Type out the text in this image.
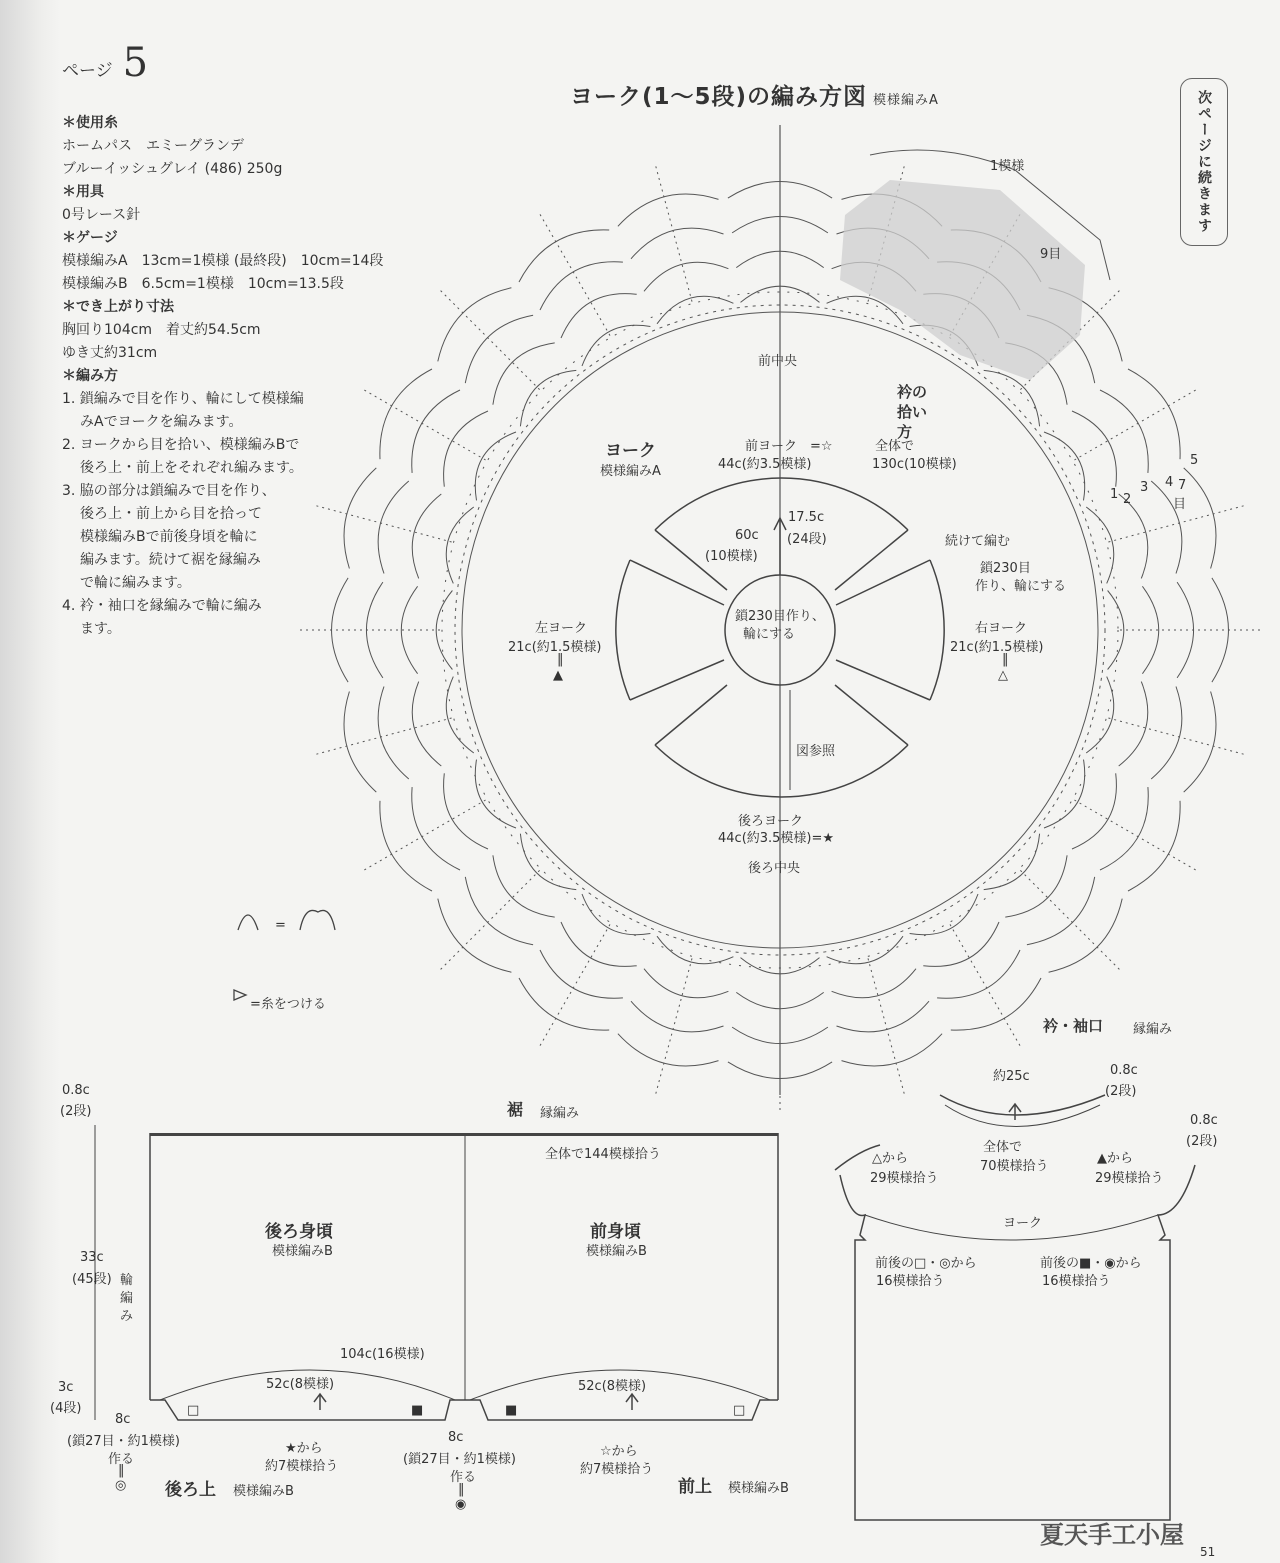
ページ 5
＊使用糸
ホームパス　エミーグランデ
ブルーイッシュグレイ (486) 250g
＊用具
0号レース針
＊ゲージ
模様編みA　13cm=1模様 (最終段)　10cm=14段
模様編みB　6.5cm=1模様　10cm=13.5段
＊でき上がり寸法
胸回り104cm　着丈約54.5cm
ゆき丈約31cm
＊編み方
1. 鎖編みで目を作り、輪にして模様編
みAでヨークを編みます。
2. ヨークから目を拾い、模様編みBで
後ろ上・前上をそれぞれ編みます。
3. 脇の部分は鎖編みで目を作り、
後ろ上・前上から目を拾って
模様編みBで前後身頃を輪に
編みます。続けて裾を縁編み
で輪に編みます。
4. 衿・袖口を縁編みで輪に編み
ます。
ヨーク(1〜5段)の編み方図 模様編みA	次ページに続きます
1模様
9目
前中央
衿の拾い方
ヨーク
模様編みA
前ヨーク　=☆
44c(約3.5模様)
全体で
130c(10模様)
続けて編む
鎖230目
作り、輪にする
60c
(10模様)
17.5c
(24段)
鎖230目作り、
輪にする
左ヨーク
21c(約1.5模様)
‖
▲
右ヨーク
21c(約1.5模様)
‖
△
図参照
後ろヨーク
44c(約3.5模様)=★
後ろ中央
1 2
3 4
5
7
目
=
=糸をつける
衿・袖口 縁編み
約25c	0.8c
(2段)
全体で
70模様拾う
△から
29模様拾う
▲から
29模様拾う
ヨーク
0.8c
(2段)
前後の□・◎から
16模様拾う
前後の■・◉から
16模様拾う
裾 縁編み
全体で144模様拾う
0.8c
(2段)
33c
(45段) 輪
編
み
3c
(4段)
後ろ身頃
模様編みB
前身頃
模様編みB
104c(16模様)
52c(8模様)	52c(8模様)
□	■	■	□
8c
(鎖27目・約1模様)
作る
‖
◎
8c
(鎖27目・約1模様)
作る
‖
◉
★から
約7模様拾う
☆から
約7模様拾う
後ろ上 模様編みB	前上 模様編みB
夏天手工小屋
51
